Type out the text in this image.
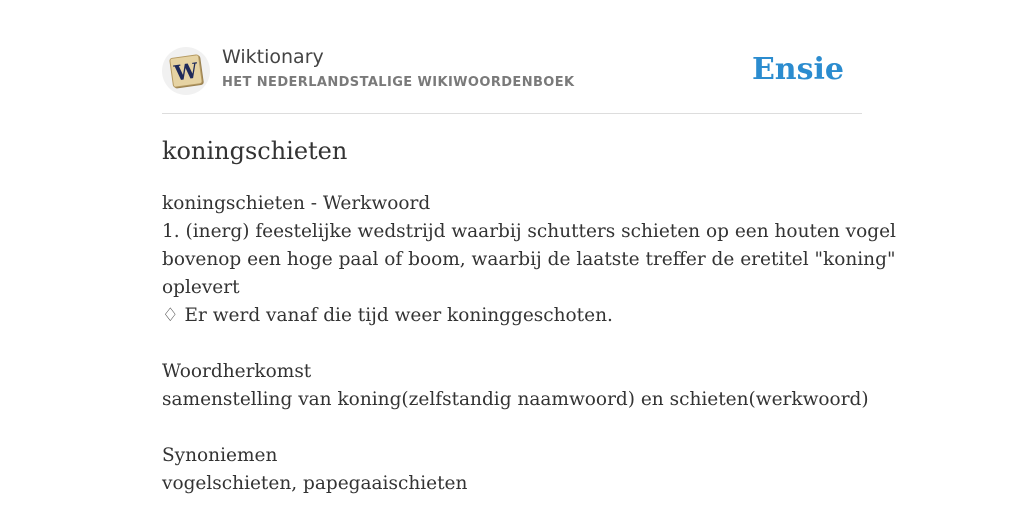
W
Wiktionary
HET NEDERLANDSTALIGE WIKIWOORDENBOEK	Ensie
koningschieten
koningschieten - Werkwoord
1. (inerg) feestelijke wedstrijd waarbij schutters schieten op een houten vogel
bovenop een hoge paal of boom, waarbij de laatste treffer de eretitel "koning"
oplevert
♢ Er werd vanaf die tijd weer koninggeschoten.
Woordherkomst
samenstelling van koning(zelfstandig naamwoord) en schieten(werkwoord)
Synoniemen
vogelschieten, papegaaischieten
